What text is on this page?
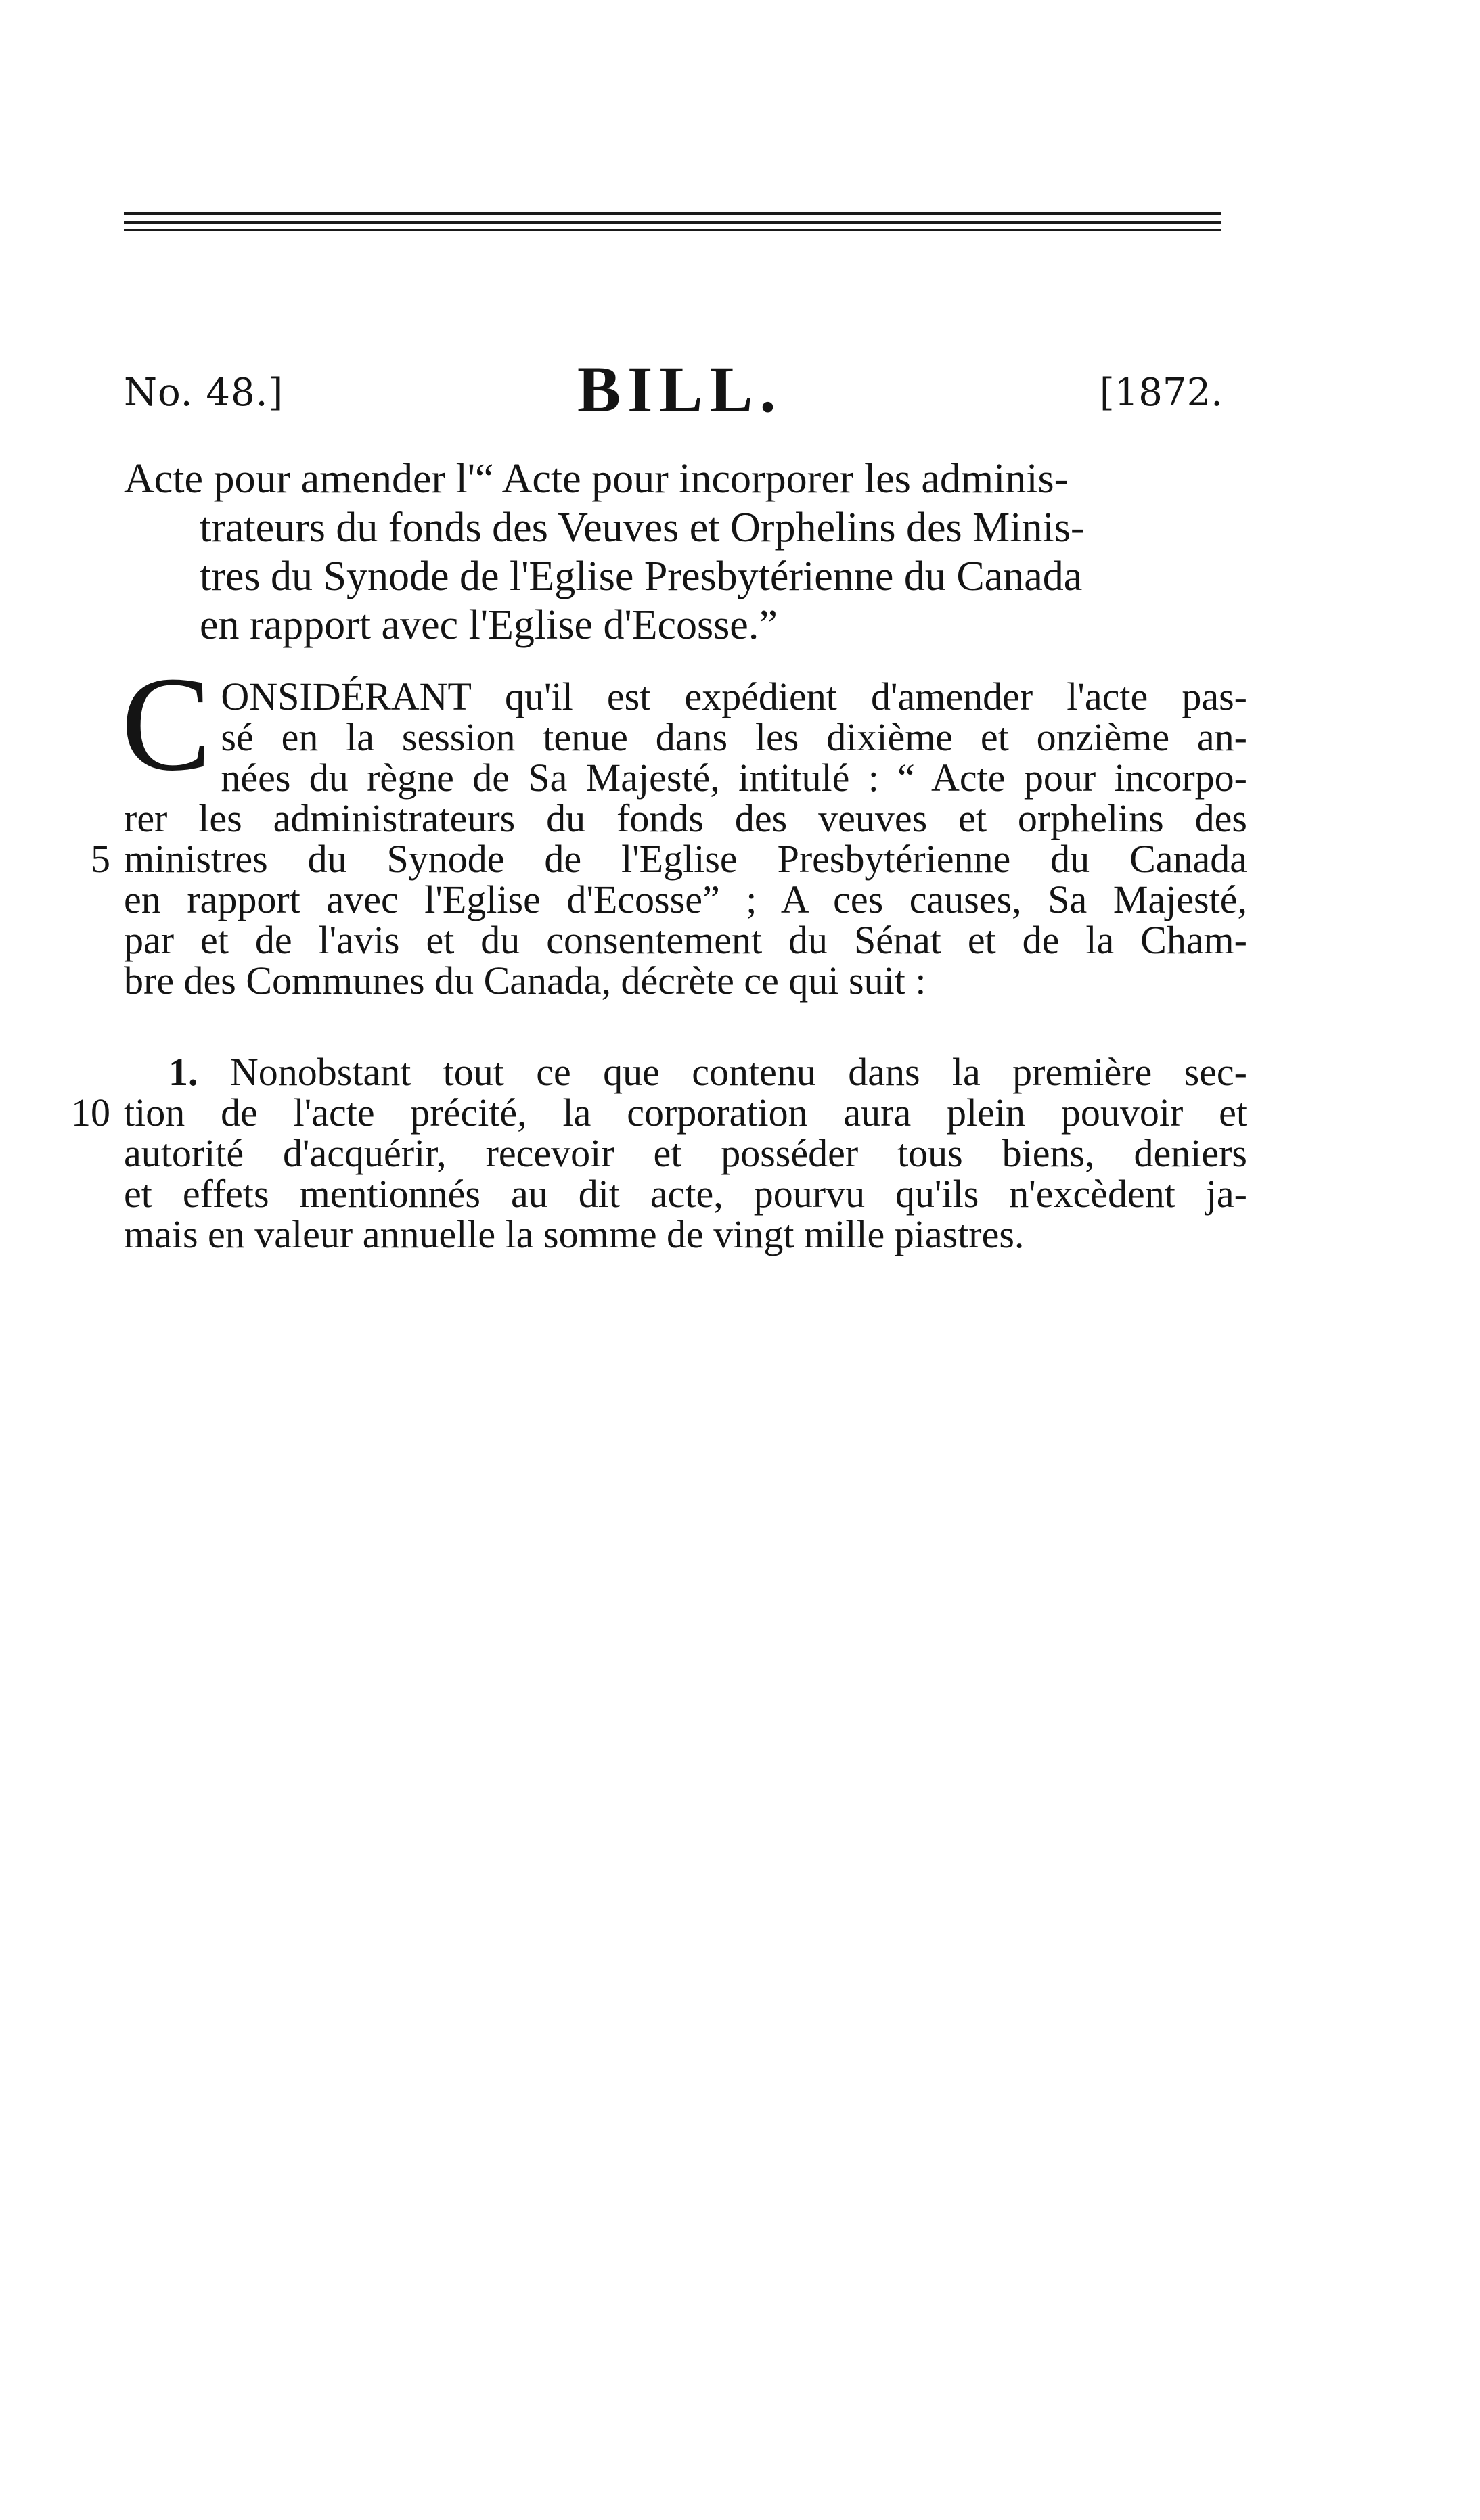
No. 48.]	BILL.	[1872.
Acte pour amender l'“ Acte pour incorporer les adminis-
trateurs du fonds des Veuves et Orphelins des Minis-
tres du Synode de l'Eglise Presbytérienne du Canada
en rapport avec l'Eglise d'Ecosse.”
C ONSIDÉRANT qu'il est expédient d'amender l'acte pas-
sé en la session tenue dans les dixième et onzième an-
nées du règne de Sa Majesté, intitulé : “ Acte pour incorpo-
rer les administrateurs du fonds des veuves et orphelins des
ministres du Synode de l'Eglise Presbytérienne du Canada
en rapport avec l'Eglise d'Ecosse” ; A ces causes, Sa Majesté,
par et de l'avis et du consentement du Sénat et de la Cham-
bre des Communes du Canada, décrète ce qui suit :
5
1. Nonobstant tout ce que contenu dans la première sec-
tion de l'acte précité, la corporation aura plein pouvoir et
autorité d'acquérir, recevoir et posséder tous biens, deniers
et effets mentionnés au dit acte, pourvu qu'ils n'excèdent ja-
mais en valeur annuelle la somme de vingt mille piastres.
10
